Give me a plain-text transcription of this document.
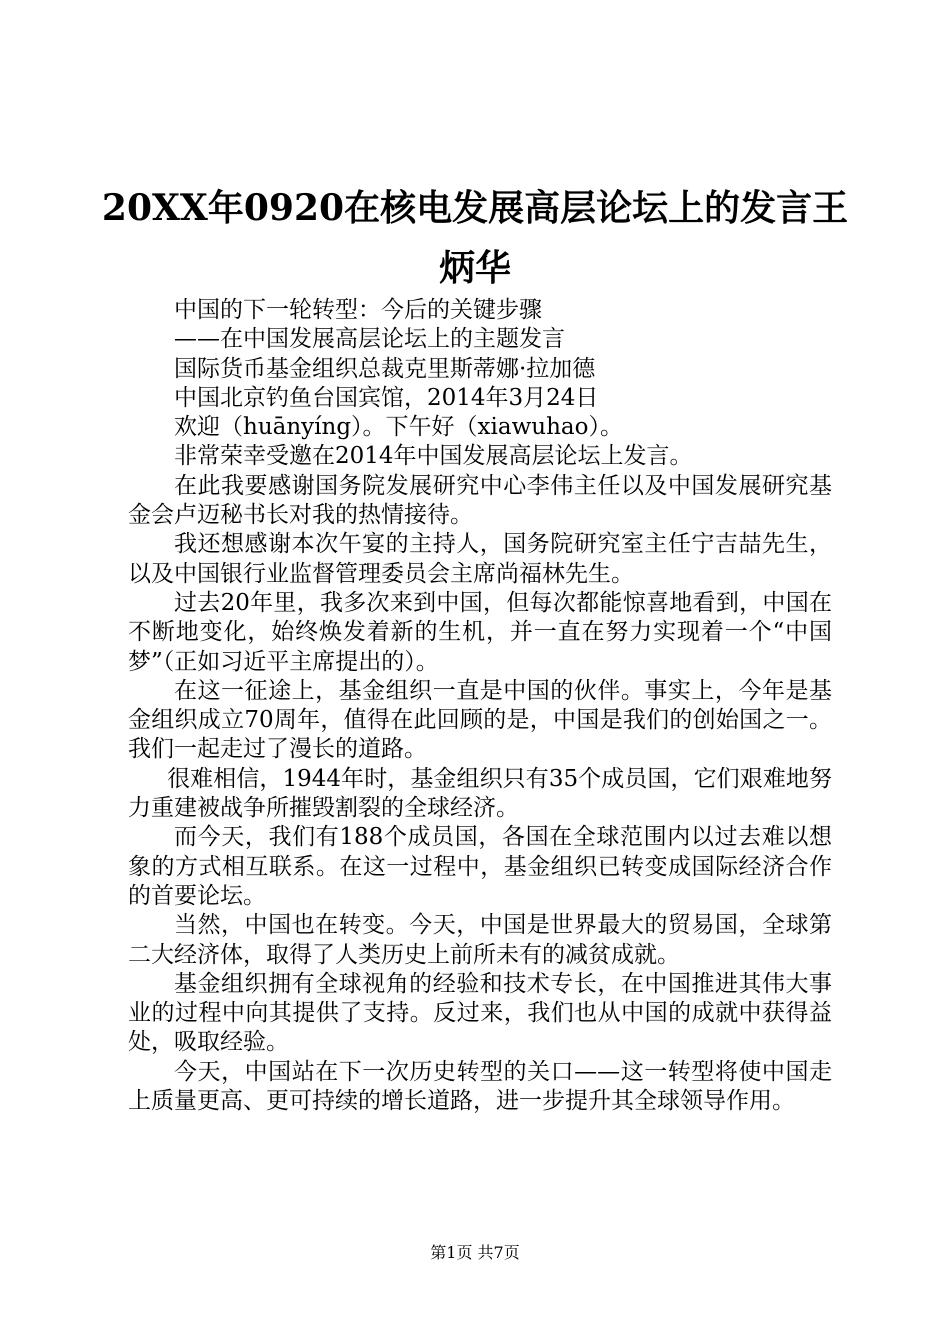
20XX年0920在核电发展高层论坛上的发言王
炳华

中国的下一轮转型：今后的关键步骤

——在中国发展高层论坛上的主题发言

国际货币基金组织总裁克里斯蒂娜·拉加德

中国北京钓鱼台国宾馆，2014年3月24日

欢迎（huānyíng）。下午好（xiawuhao）。

非常荣幸受邀在2014年中国发展高层论坛上发言。

在此我要感谢国务院发展研究中心李伟主任以及中国发展研究基金会卢迈秘书长对我的热情接待。

我还想感谢本次午宴的主持人，国务院研究室主任宁吉喆先生，以及中国银行业监督管理委员会主席尚福林先生。

过去20年里，我多次来到中国，但每次都能惊喜地看到，中国在不断地变化，始终焕发着新的生机，并一直在努力实现着一个“中国梦”（正如习近平主席提出的）。

在这一征途上，基金组织一直是中国的伙伴。事实上，今年是基金组织成立70周年，值得在此回顾的是，中国是我们的创始国之一。我们一起走过了漫长的道路。

很难相信，1944年时，基金组织只有35个成员国，它们艰难地努力重建被战争所摧毁割裂的全球经济。

而今天，我们有188个成员国，各国在全球范围内以过去难以想象的方式相互联系。在这一过程中，基金组织已转变成国际经济合作的首要论坛。

当然，中国也在转变。今天，中国是世界最大的贸易国，全球第二大经济体，取得了人类历史上前所未有的减贫成就。

基金组织拥有全球视角的经验和技术专长，在中国推进其伟大事业的过程中向其提供了支持。反过来，我们也从中国的成就中获得益处，吸取经验。

今天，中国站在下一次历史转型的关口——这一转型将使中国走上质量更高、更可持续的增长道路，进一步提升其全球领导作用。

第1页 共7页
